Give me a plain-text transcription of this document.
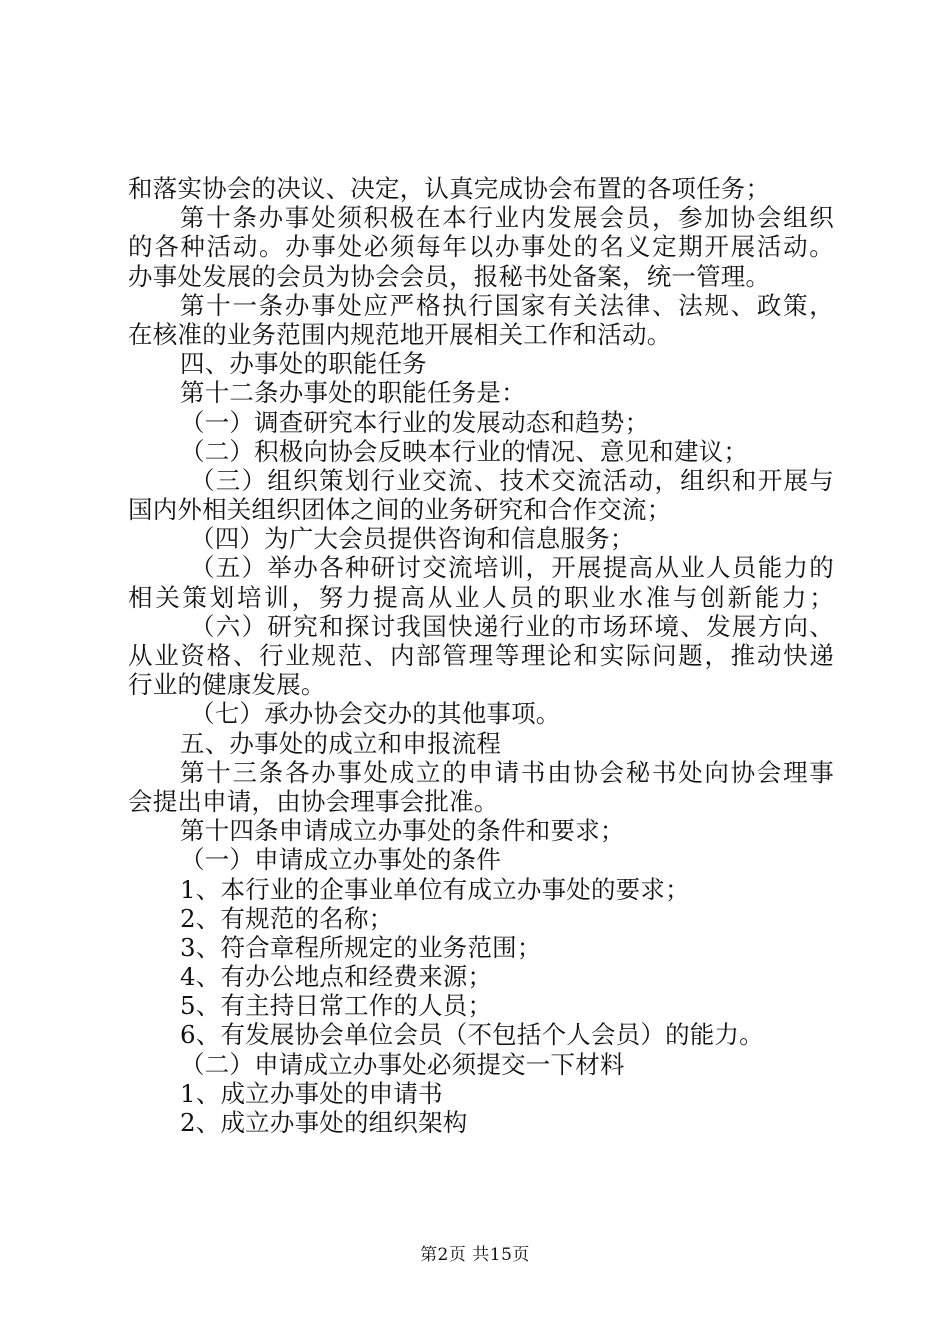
和落实协会的决议、决定，认真完成协会布置的各项任务；
第十条办事处须积极在本行业内发展会员，参加协会组织
的各种活动。办事处必须每年以办事处的名义定期开展活动。
办事处发展的会员为协会会员，报秘书处备案，统一管理。
第十一条办事处应严格执行国家有关法律、法规、政策，
在核准的业务范围内规范地开展相关工作和活动。
四、办事处的职能任务
第十二条办事处的职能任务是：
（一）调查研究本行业的发展动态和趋势；
（二）积极向协会反映本行业的情况、意见和建议；
（三）组织策划行业交流、技术交流活动，组织和开展与
国内外相关组织团体之间的业务研究和合作交流；
（四）为广大会员提供咨询和信息服务；
（五）举办各种研讨交流培训，开展提高从业人员能力的
相关策划培训，努力提高从业人员的职业水准与创新能力；
（六）研究和探讨我国快递行业的市场环境、发展方向、
从业资格、行业规范、内部管理等理论和实际问题，推动快递
行业的健康发展。
（七）承办协会交办的其他事项。
五、办事处的成立和申报流程
第十三条各办事处成立的申请书由协会秘书处向协会理事
会提出申请，由协会理事会批准。
第十四条申请成立办事处的条件和要求；
（一）申请成立办事处的条件
1、本行业的企事业单位有成立办事处的要求；
2、有规范的名称；
3、符合章程所规定的业务范围；
4、有办公地点和经费来源；
5、有主持日常工作的人员；
6、有发展协会单位会员（不包括个人会员）的能力。
（二）申请成立办事处必须提交一下材料
1、成立办事处的申请书
2、成立办事处的组织架构
第2页 共15页
